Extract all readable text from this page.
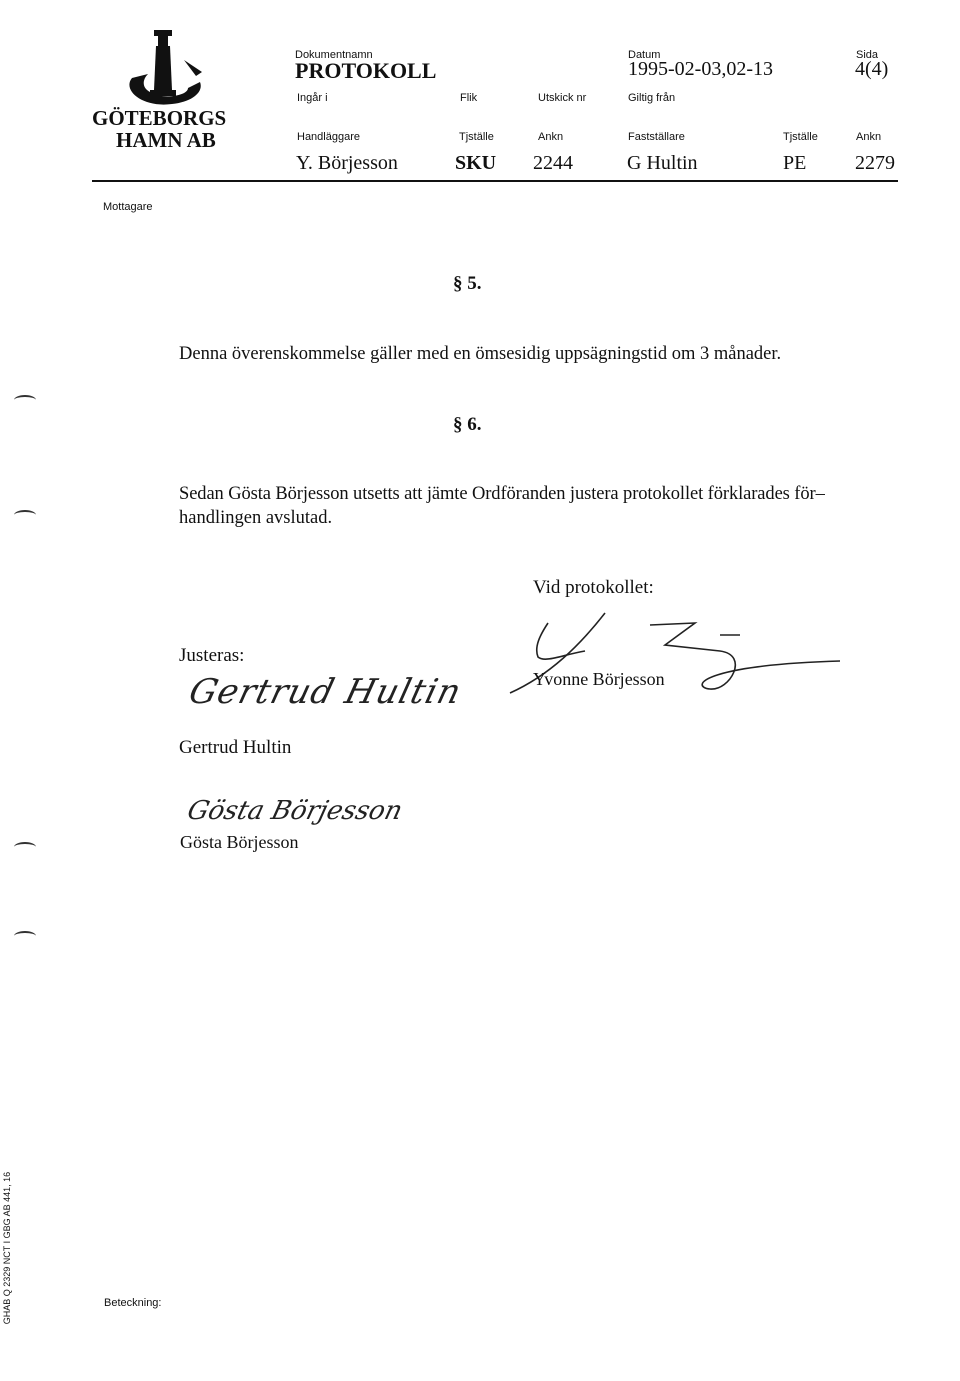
GÖTEBORGS
HAMN AB
Dokumentnamn
PROTOKOLL
Datum
1995-02-03,02-13
Sida
4(4)
Ingår i	Flik	Utskick nr	Giltig från
Handläggare	Tjställe	Ankn	Fastställare	Tjställe	Ankn
Y. Börjesson	SKU 2244	G Hultin	PE 2279
Mottagare
§ 5.
Denna överenskommelse gäller med en ömsesidig uppsägningstid om 3 månader.
§ 6.
Sedan Gösta Börjesson utsetts att jämte Ordföranden justera protokollet förklarades för–
handlingen avslutad.
Vid protokollet:
Yvonne Börjesson
Justeras:
Gertrud Hultin
Gertrud Hultin
Gösta Börjesson
Gösta Börjesson
Beteckning:
GHAB Q 2329 NCT I GBG AB 441, 16
